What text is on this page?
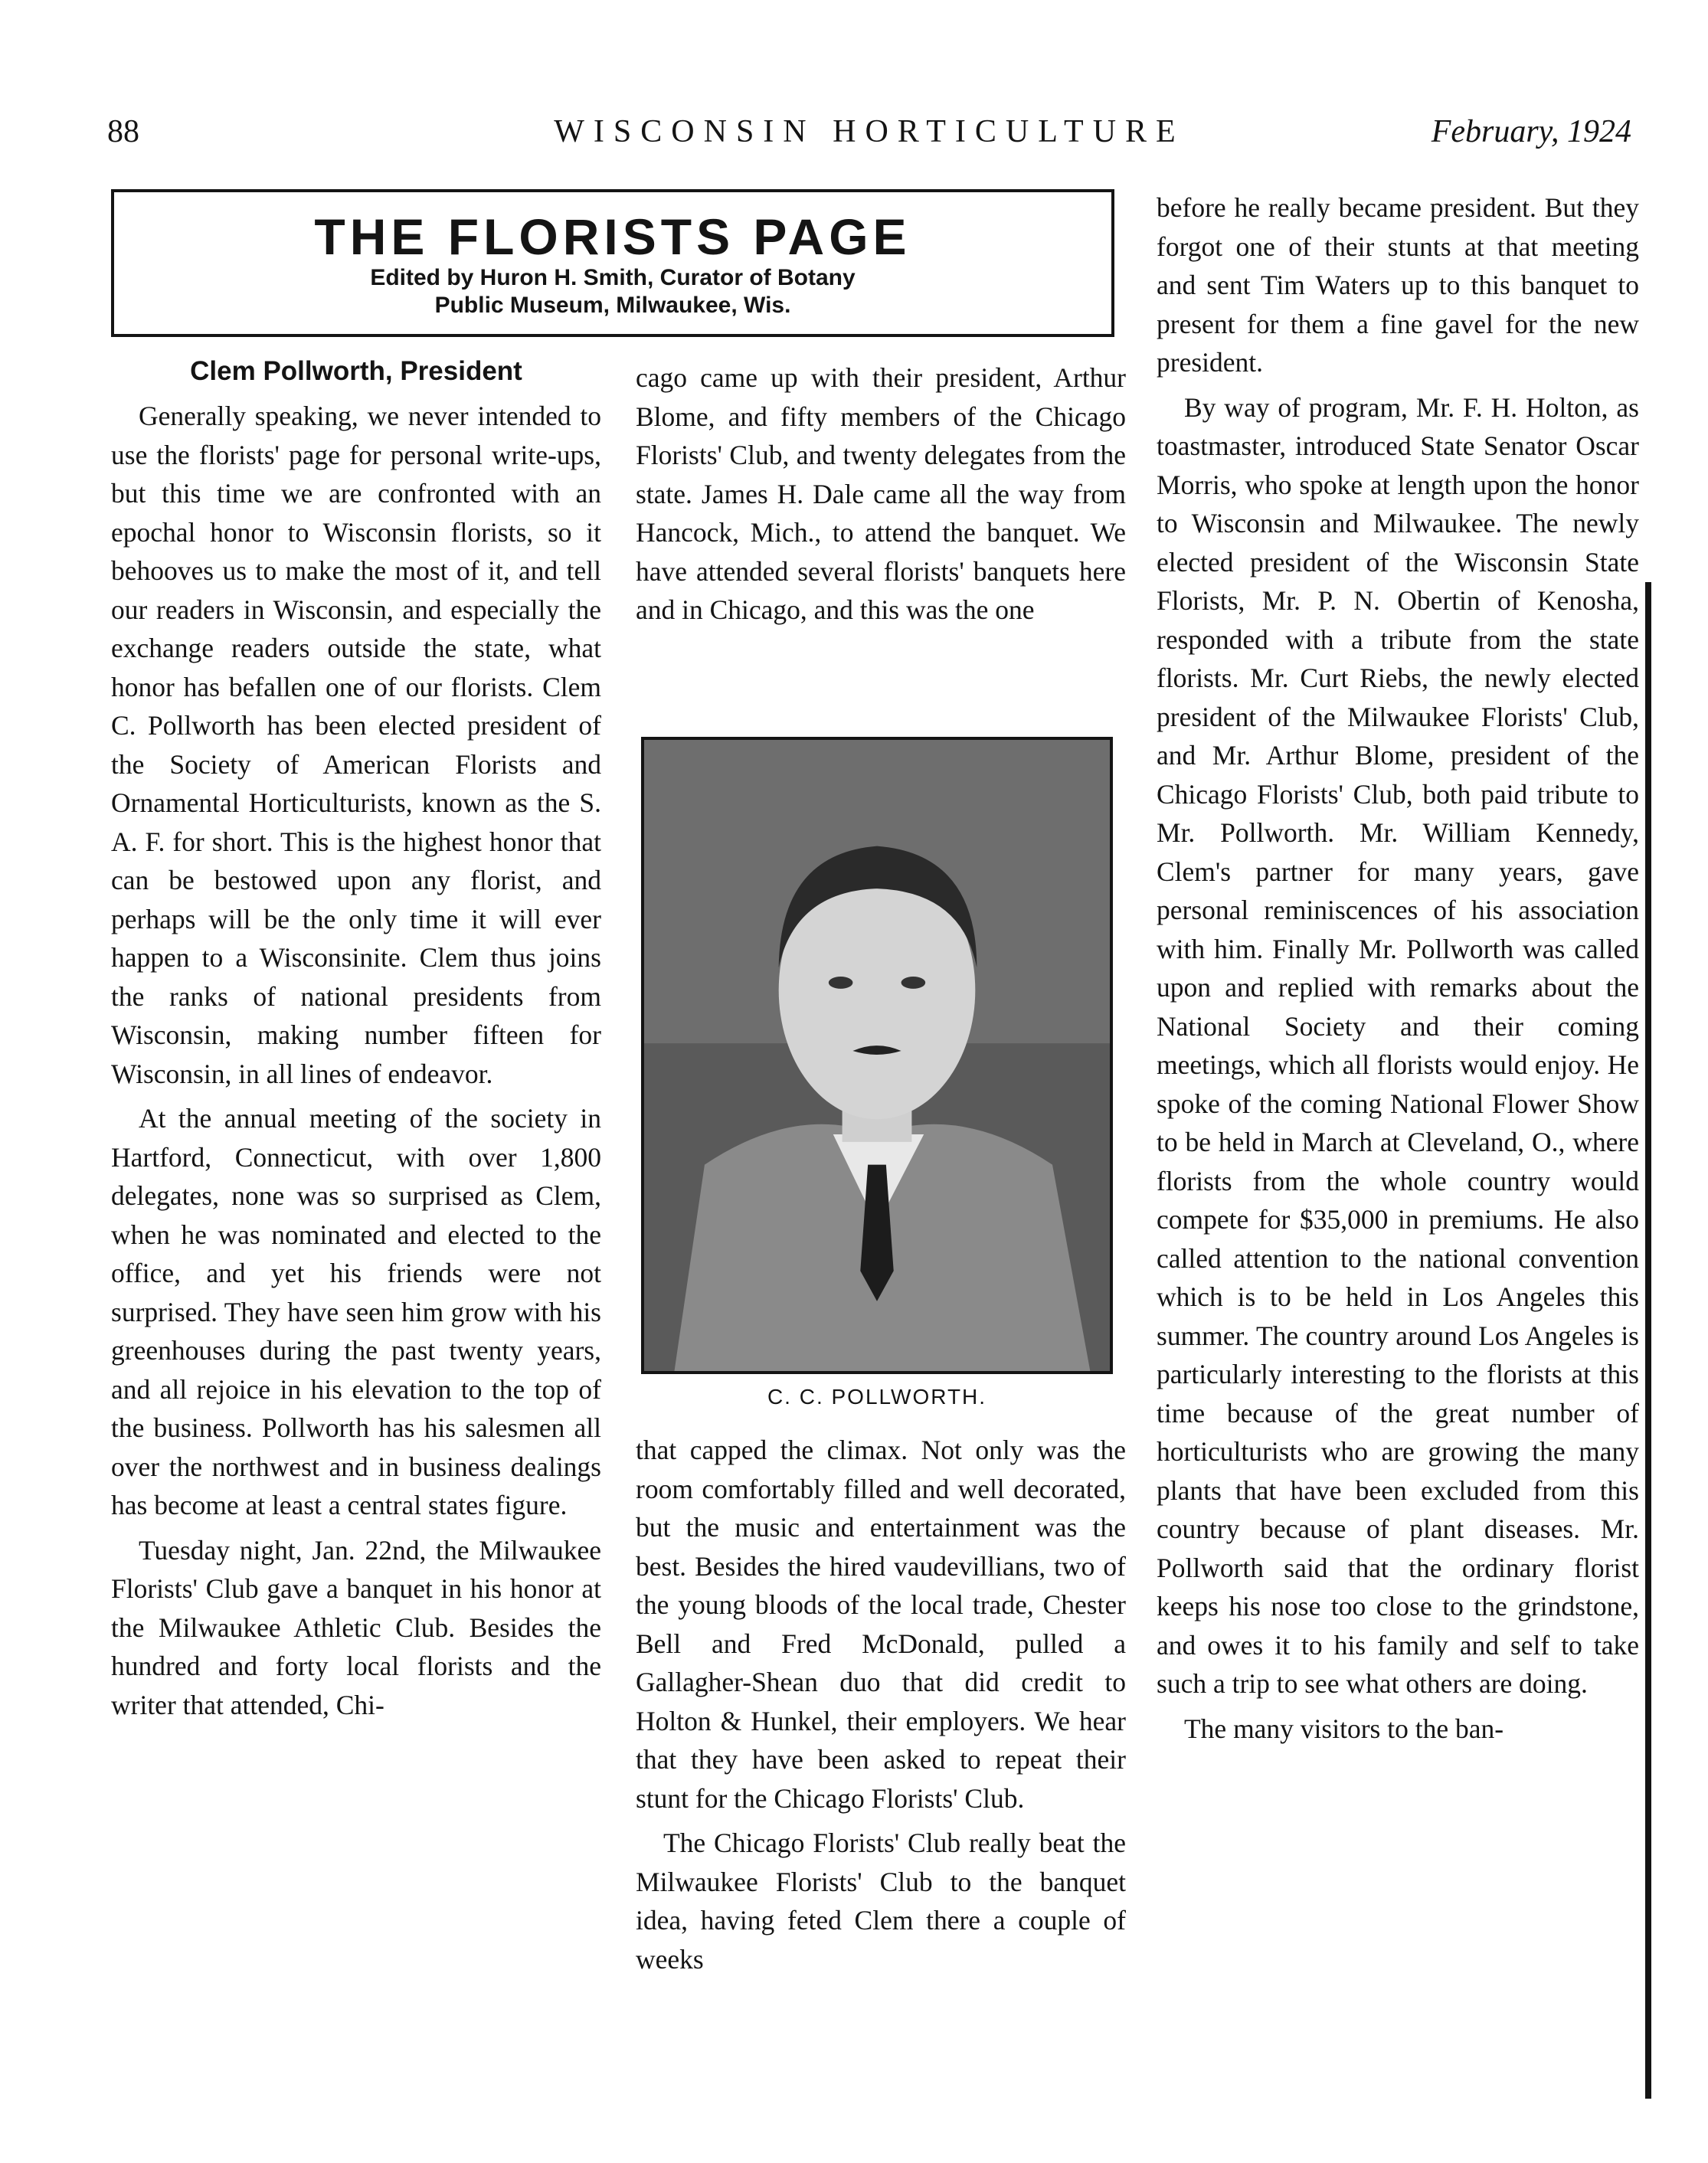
88	WISCONSIN HORTICULTURE	February, 1924
THE FLORISTS PAGE
Edited by Huron H. Smith, Curator of Botany
Public Museum, Milwaukee, Wis.
Clem Pollworth, President

Generally speaking, we never intended to use the florists' page for personal write-ups, but this time we are confronted with an epochal honor to Wisconsin florists, so it behooves us to make the most of it, and tell our readers in Wisconsin, and especially the exchange readers outside the state, what honor has befallen one of our florists. Clem C. Pollworth has been elected president of the Society of American Florists and Ornamental Horticulturists, known as the S. A. F. for short. This is the highest honor that can be bestowed upon any florist, and perhaps will be the only time it will ever happen to a Wisconsinite. Clem thus joins the ranks of national presidents from Wisconsin, making number fifteen for Wisconsin, in all lines of endeavor.

At the annual meeting of the society in Hartford, Connecticut, with over 1,800 delegates, none was so surprised as Clem, when he was nominated and elected to the office, and yet his friends were not surprised. They have seen him grow with his greenhouses during the past twenty years, and all rejoice in his elevation to the top of the business. Pollworth has his salesmen all over the northwest and in business dealings has become at least a central states figure.

Tuesday night, Jan. 22nd, the Milwaukee Florists' Club gave a banquet in his honor at the Milwaukee Athletic Club. Besides the hundred and forty local florists and the writer that attended, Chi-

cago came up with their president, Arthur Blome, and fifty members of the Chicago Florists' Club, and twenty delegates from the state. James H. Dale came all the way from Hancock, Mich., to attend the banquet. We have attended several florists' banquets here and in Chicago, and this was the one

C. C. POLLWORTH.

that capped the climax. Not only was the room comfortably filled and well decorated, but the music and entertainment was the best. Besides the hired vaudevillians, two of the young bloods of the local trade, Chester Bell and Fred McDonald, pulled a Gallagher-Shean duo that did credit to Holton & Hunkel, their employers. We hear that they have been asked to repeat their stunt for the Chicago Florists' Club.

The Chicago Florists' Club really beat the Milwaukee Florists' Club to the banquet idea, having feted Clem there a couple of weeks

before he really became president. But they forgot one of their stunts at that meeting and sent Tim Waters up to this banquet to present for them a fine gavel for the new president.

By way of program, Mr. F. H. Holton, as toastmaster, introduced State Senator Oscar Morris, who spoke at length upon the honor to Wisconsin and Milwaukee. The newly elected president of the Wisconsin State Florists, Mr. P. N. Obertin of Kenosha, responded with a tribute from the state florists. Mr. Curt Riebs, the newly elected president of the Milwaukee Florists' Club, and Mr. Arthur Blome, president of the Chicago Florists' Club, both paid tribute to Mr. Pollworth. Mr. William Kennedy, Clem's partner for many years, gave personal reminiscences of his association with him. Finally Mr. Pollworth was called upon and replied with remarks about the National Society and their coming meetings, which all florists would enjoy. He spoke of the coming National Flower Show to be held in March at Cleveland, O., where florists from the whole country would compete for $35,000 in premiums. He also called attention to the national convention which is to be held in Los Angeles this summer. The country around Los Angeles is particularly interesting to the florists at this time because of the great number of horticulturists who are growing the many plants that have been excluded from this country because of plant diseases. Mr. Pollworth said that the ordinary florist keeps his nose too close to the grindstone, and owes it to his family and self to take such a trip to see what others are doing.

The many visitors to the ban-
